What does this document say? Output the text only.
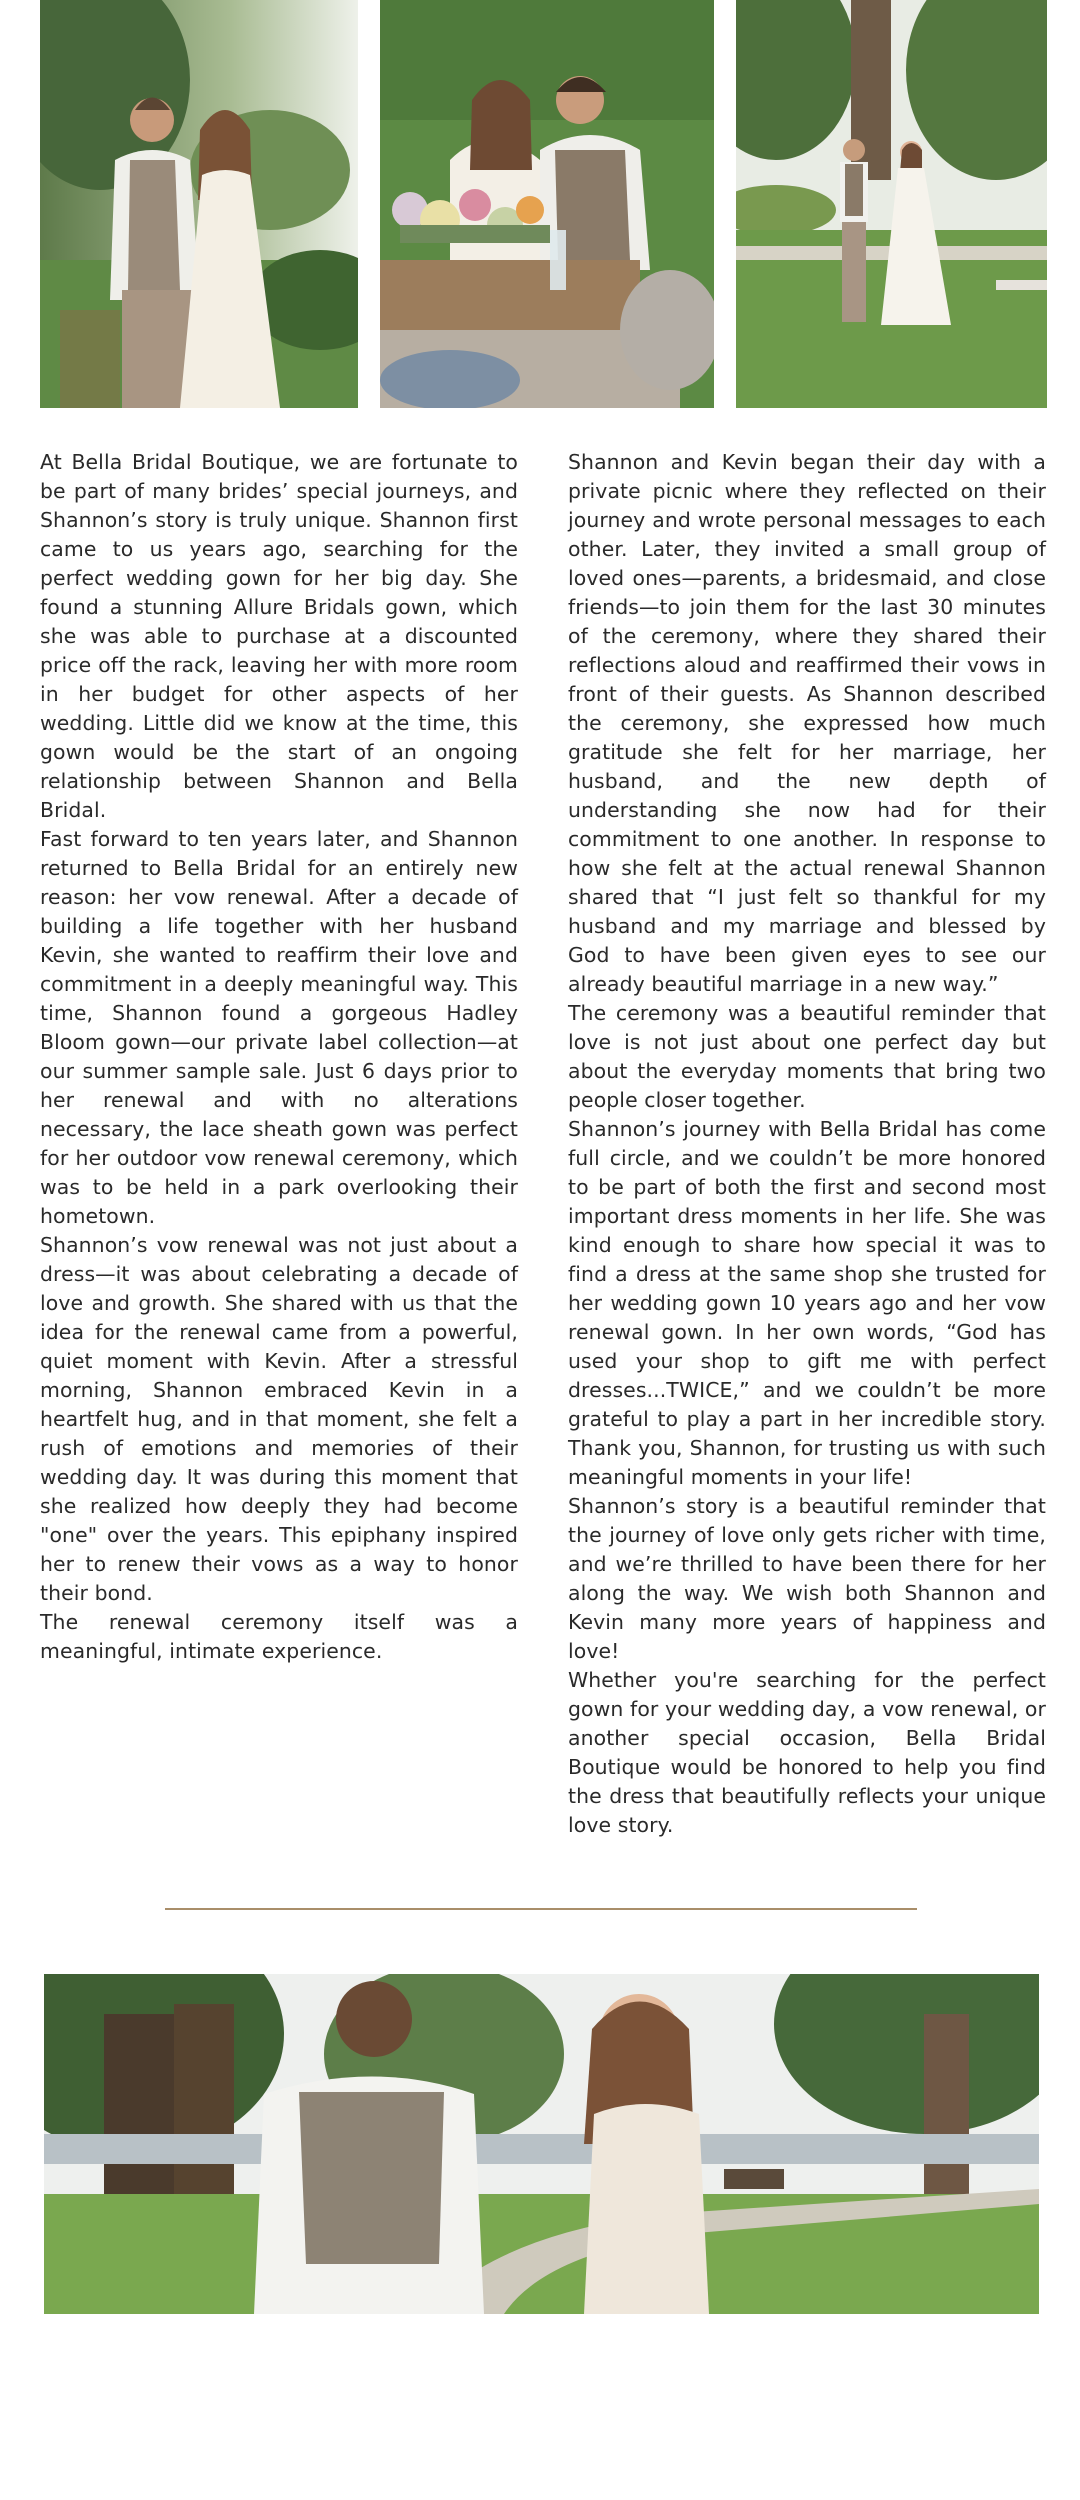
At Bella Bridal Boutique, we are fortunate to be part of many brides’ special journeys, and Shannon’s story is truly unique. Shannon first came to us years ago, searching for the perfect wedding gown for her big day. She found a stunning Allure Bridals gown, which she was able to purchase at a discounted price off the rack, leaving her with more room in her budget for other aspects of her wedding. Little did we know at the time, this gown would be the start of an ongoing relationship between Shannon and Bella Bridal.

Fast forward to ten years later, and Shannon returned to Bella Bridal for an entirely new reason: her vow renewal. After a decade of building a life together with her husband Kevin, she wanted to reaffirm their love and commitment in a deeply meaningful way. This time, Shannon found a gorgeous Hadley Bloom gown—our private label collection—at our summer sample sale. Just 6 days prior to her renewal and with no alterations necessary, the lace sheath gown was perfect for her outdoor vow renewal ceremony, which was to be held in a park overlooking their hometown.

Shannon’s vow renewal was not just about a dress—it was about celebrating a decade of love and growth. She shared with us that the idea for the renewal came from a powerful, quiet moment with Kevin. After a stressful morning, Shannon embraced Kevin in a heartfelt hug, and in that moment, she felt a rush of emotions and memories of their wedding day. It was during this moment that she realized how deeply they had become "one" over the years. This epiphany inspired her to renew their vows as a way to honor their bond.

The renewal ceremony itself was a meaningful, intimate experience.

Shannon and Kevin began their day with a private picnic where they reflected on their journey and wrote personal messages to each other. Later, they invited a small group of loved ones—parents, a bridesmaid, and close friends—to join them for the last 30 minutes of the ceremony, where they shared their reflections aloud and reaffirmed their vows in front of their guests. As Shannon described the ceremony, she expressed how much gratitude she felt for her marriage, her husband, and the new depth of understanding she now had for their commitment to one another. In response to how she felt at the actual renewal Shannon shared that “I just felt so thankful for my husband and my marriage and blessed by God to have been given eyes to see our already beautiful marriage in a new way.”

The ceremony was a beautiful reminder that love is not just about one perfect day but about the everyday moments that bring two people closer together.

Shannon’s journey with Bella Bridal has come full circle, and we couldn’t be more honored to be part of both the first and second most important dress moments in her life. She was kind enough to share how special it was to find a dress at the same shop she trusted for her wedding gown 10 years ago and her vow renewal gown. In her own words, “God has used your shop to gift me with perfect dresses...TWICE,” and we couldn’t be more grateful to play a part in her incredible story. Thank you, Shannon, for trusting us with such meaningful moments in your life!

Shannon’s story is a beautiful reminder that the journey of love only gets richer with time, and we’re thrilled to have been there for her along the way. We wish both Shannon and Kevin many more years of happiness and love!

Whether you're searching for the perfect gown for your wedding day, a vow renewal, or another special occasion, Bella Bridal Boutique would be honored to help you find the dress that beautifully reflects your unique love story.
